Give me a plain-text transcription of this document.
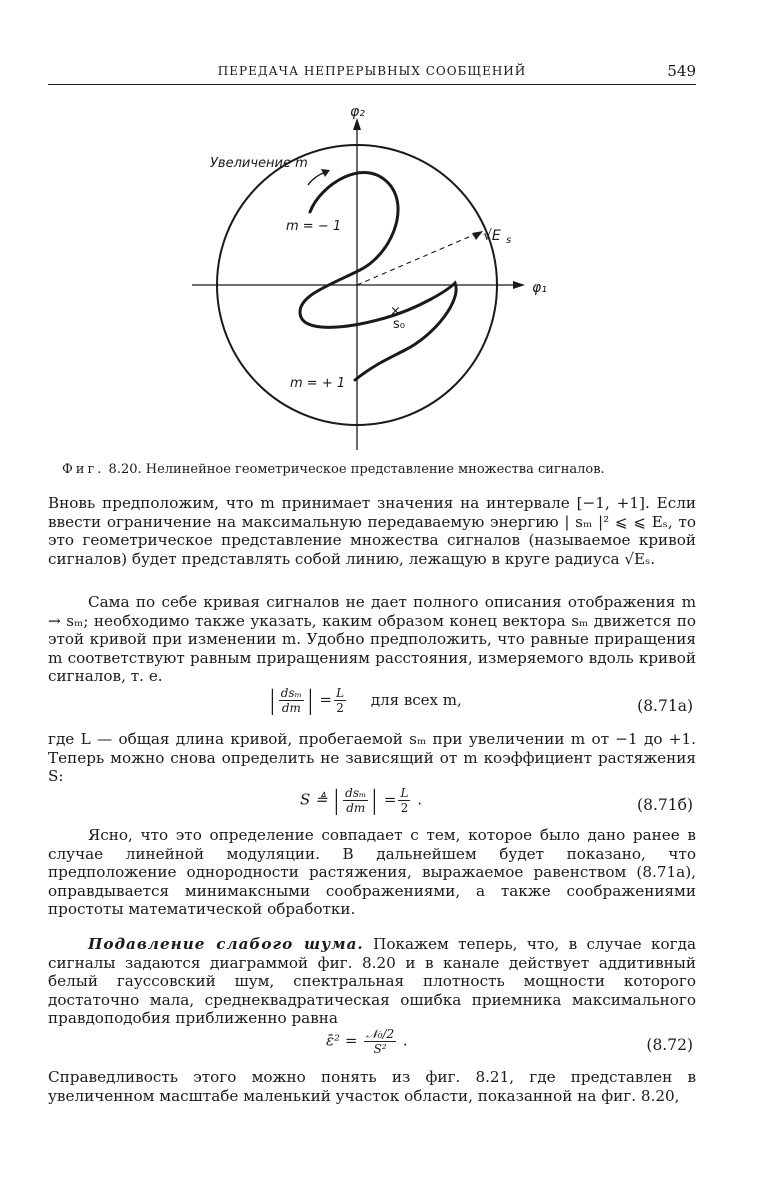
ПЕРЕДАЧА НЕПРЕРЫВНЫХ СООБЩЕНИЙ	549
×
φ₂
φ₁
Увеличение m
m = − 1
m = + 1
√E s
s₀
Фиг. 8.20. Нелинейное геометрическое представление множества сигналов.

Вновь предположим, что m принимает значения на интервале [−1, +1]. Если ввести ограничение на максимальную передаваемую энергию | sₘ |² ⩽ ⩽ Eₛ, то это геометрическое представление множества сигналов (называемое кривой сигналов) будет представлять собой линию, лежащую в круге радиуса √Eₛ.

Сама по себе кривая сигналов не дает полного описания отображения m → sₘ; необходимо также указать, каким образом конец вектора sₘ движется по этой кривой при изменении m. Удобно предположить, что равные приращения m соответствуют равным приращениям расстояния, измеряемого вдоль кривой сигналов, т. е.

| $\frac{\text{dsₘ}}{dm}$ | = $\frac{L}{2}$ для всех m,	(8.71а)

где L — общая длина кривой, пробегаемой sₘ при увеличении m от −1 до +1. Теперь можно снова определить не зависящий от m коэффициент растяжения S:

S ≜ | $\frac{\text{dsₘ}}{dm}$ | = $\frac{L}{2}$ .	(8.71б)

Ясно, что это определение совпадает с тем, которое было дано ранее в случае линейной модуляции. В дальнейшем будет показано, что предположение однородности растяжения, выражаемое равенством (8.71а), оправдывается минимаксными соображениями, а также соображениями простоты математической обработки.

Подавление слабого шума. Покажем теперь, что, в случае когда сигналы задаются диаграммой фиг. 8.20 и в канале действует аддитивный белый гауссовский шум, спектральная плотность мощности которого достаточно мала, среднеквадратическая ошибка приемника максимального правдоподобия приближенно равна

ε̄² = $\frac{\text{𝒩₀/2}}{\text{S²}}$ .	(8.72)

Справедливость этого можно понять из фиг. 8.21, где представлен в увеличенном масштабе маленький участок области, показанной на фиг. 8.20,
